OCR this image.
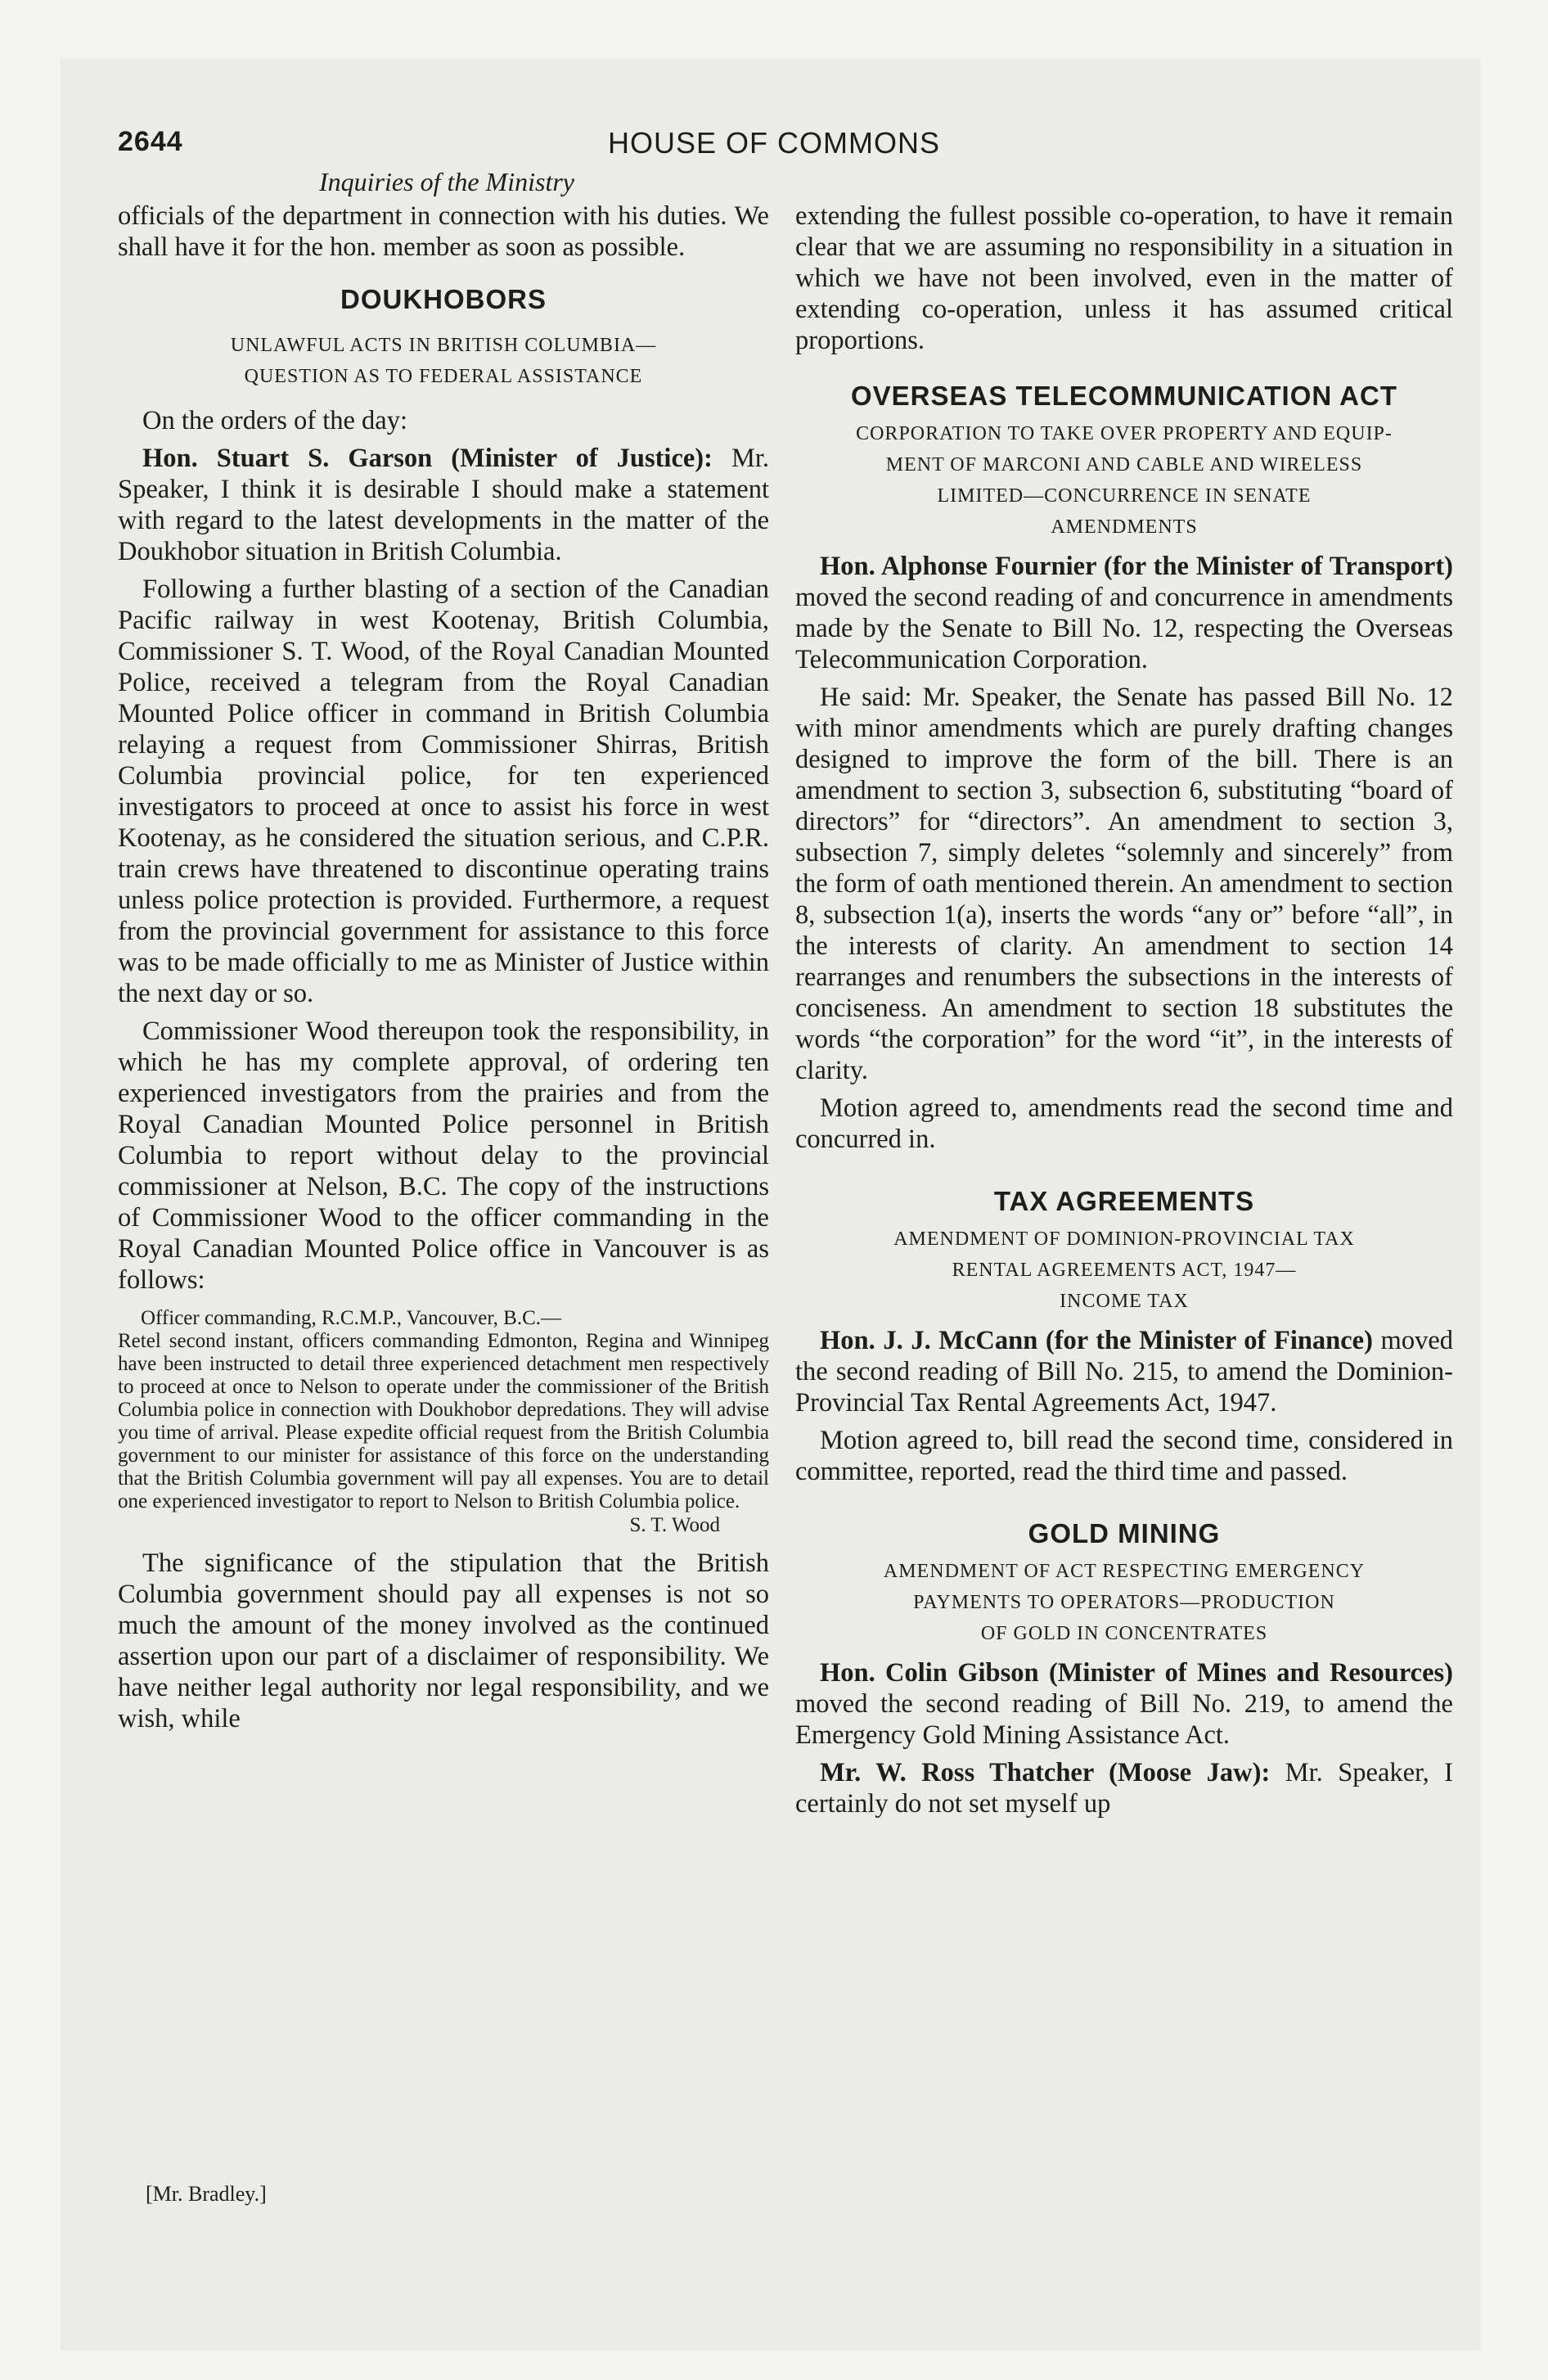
2644	HOUSE OF COMMONS
Inquiries of the Ministry

officials of the department in connection with his duties. We shall have it for the hon. member as soon as possible.

DOUKHOBORS
UNLAWFUL ACTS IN BRITISH COLUMBIA—
QUESTION AS TO FEDERAL ASSISTANCE

On the orders of the day:

Hon. Stuart S. Garson (Minister of Justice): Mr. Speaker, I think it is desirable I should make a statement with regard to the latest developments in the matter of the Doukhobor situation in British Columbia.

Following a further blasting of a section of the Canadian Pacific railway in west Kootenay, British Columbia, Commissioner S. T. Wood, of the Royal Canadian Mounted Police, received a telegram from the Royal Canadian Mounted Police officer in command in British Columbia relaying a request from Commissioner Shirras, British Columbia provincial police, for ten experienced investigators to proceed at once to assist his force in west Kootenay, as he considered the situation serious, and C.P.R. train crews have threatened to discontinue operating trains unless police protection is provided. Furthermore, a request from the provincial government for assistance to this force was to be made officially to me as Minister of Justice within the next day or so.

Commissioner Wood thereupon took the responsibility, in which he has my complete approval, of ordering ten experienced investigators from the prairies and from the Royal Canadian Mounted Police personnel in British Columbia to report without delay to the provincial commissioner at Nelson, B.C. The copy of the instructions of Commissioner Wood to the officer commanding in the Royal Canadian Mounted Police office in Vancouver is as follows:

Officer commanding, R.C.M.P., Vancouver, B.C.—

Retel second instant, officers commanding Edmonton, Regina and Winnipeg have been instructed to detail three experienced detachment men respectively to proceed at once to Nelson to operate under the commissioner of the British Columbia police in connection with Doukhobor depredations. They will advise you time of arrival. Please expedite official request from the British Columbia government to our minister for assistance of this force on the understanding that the British Columbia government will pay all expenses. You are to detail one experienced investigator to report to Nelson to British Columbia police.

S. T. Wood

The significance of the stipulation that the British Columbia government should pay all expenses is not so much the amount of the money involved as the continued assertion upon our part of a disclaimer of responsibility. We have neither legal authority nor legal responsibility, and we wish, while

extending the fullest possible co-operation, to have it remain clear that we are assuming no responsibility in a situation in which we have not been involved, even in the matter of extending co-operation, unless it has assumed critical proportions.

OVERSEAS TELECOMMUNICATION ACT
CORPORATION TO TAKE OVER PROPERTY AND EQUIP-
MENT OF MARCONI AND CABLE AND WIRELESS
LIMITED—CONCURRENCE IN SENATE
AMENDMENTS

Hon. Alphonse Fournier (for the Minister of Transport) moved the second reading of and concurrence in amendments made by the Senate to Bill No. 12, respecting the Overseas Telecommunication Corporation.

He said: Mr. Speaker, the Senate has passed Bill No. 12 with minor amendments which are purely drafting changes designed to improve the form of the bill. There is an amendment to section 3, subsection 6, substituting “board of directors” for “directors”. An amendment to section 3, subsection 7, simply deletes “solemnly and sincerely” from the form of oath mentioned therein. An amendment to section 8, subsection 1(a), inserts the words “any or” before “all”, in the interests of clarity. An amendment to section 14 rearranges and renumbers the subsections in the interests of conciseness. An amendment to section 18 substitutes the words “the corporation” for the word “it”, in the interests of clarity.

Motion agreed to, amendments read the second time and concurred in.

TAX AGREEMENTS
AMENDMENT OF DOMINION-PROVINCIAL TAX
RENTAL AGREEMENTS ACT, 1947—
INCOME TAX

Hon. J. J. McCann (for the Minister of Finance) moved the second reading of Bill No. 215, to amend the Dominion-Provincial Tax Rental Agreements Act, 1947.

Motion agreed to, bill read the second time, considered in committee, reported, read the third time and passed.

GOLD MINING
AMENDMENT OF ACT RESPECTING EMERGENCY
PAYMENTS TO OPERATORS—PRODUCTION
OF GOLD IN CONCENTRATES

Hon. Colin Gibson (Minister of Mines and Resources) moved the second reading of Bill No. 219, to amend the Emergency Gold Mining Assistance Act.

Mr. W. Ross Thatcher (Moose Jaw): Mr. Speaker, I certainly do not set myself up

[Mr. Bradley.]
